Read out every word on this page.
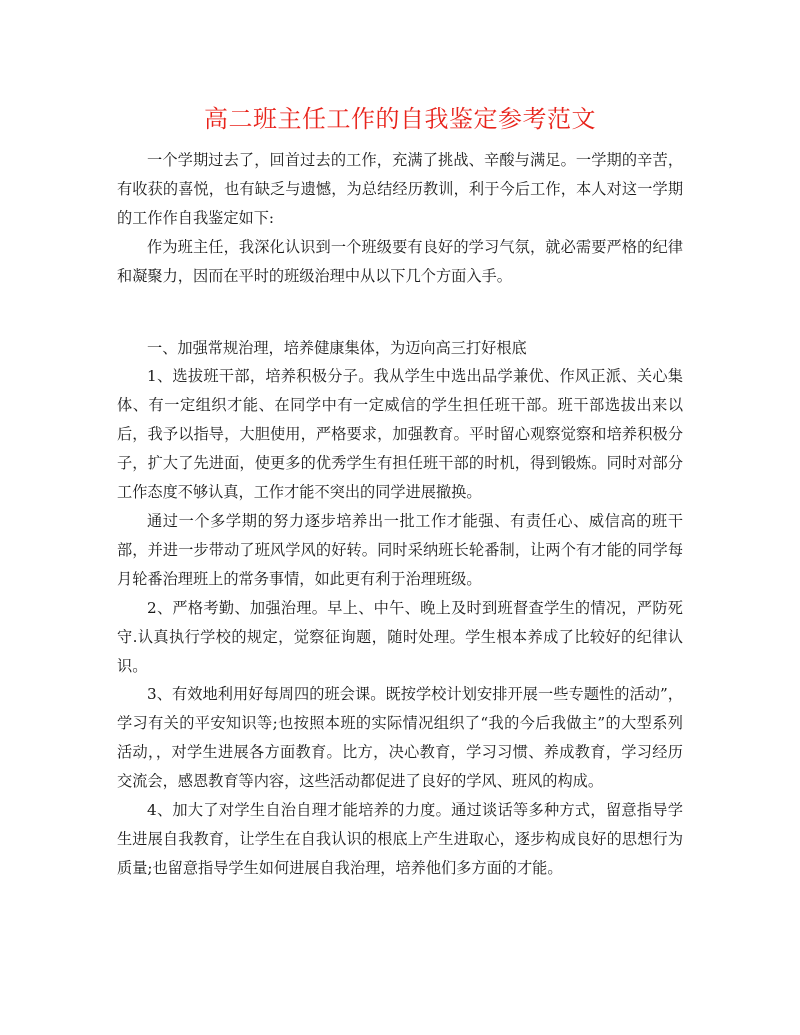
高二班主任工作的自我鉴定参考范文

一个学期过去了，回首过去的工作，充满了挑战、辛酸与满足。一学期的辛苦，有收获的喜悦，也有缺乏与遗憾，为总结经历教训，利于今后工作，本人对这一学期的工作作自我鉴定如下:

作为班主任，我深化认识到一个班级要有良好的学习气氛，就必需要严格的纪律和凝聚力，因而在平时的班级治理中从以下几个方面入手。

一、加强常规治理，培养健康集体，为迈向高三打好根底

1、选拔班干部，培养积极分子。我从学生中选出品学兼优、作风正派、关心集体、有一定组织才能、在同学中有一定威信的学生担任班干部。班干部选拔出来以后，我予以指导，大胆使用，严格要求，加强教育。平时留心观察觉察和培养积极分子，扩大了先进面，使更多的优秀学生有担任班干部的时机，得到锻炼。同时对部分工作态度不够认真，工作才能不突出的同学进展撤换。

通过一个多学期的努力逐步培养出一批工作才能强、有责任心、威信高的班干部，并进一步带动了班风学风的好转。同时采纳班长轮番制，让两个有才能的同学每月轮番治理班上的常务事情，如此更有利于治理班级。

2、严格考勤、加强治理。早上、中午、晚上及时到班督查学生的情况，严防死守.认真执行学校的规定，觉察征询题，随时处理。学生根本养成了比较好的纪律认识。

3、有效地利用好每周四的班会课。既按学校计划安排开展一些专题性的活动”，学习有关的平安知识等;也按照本班的实际情况组织了“我的今后我做主”的大型系列活动，，对学生进展各方面教育。比方，决心教育，学习习惯、养成教育，学习经历交流会，感恩教育等内容，这些活动都促进了良好的学风、班风的构成。

4、加大了对学生自治自理才能培养的力度。通过谈话等多种方式，留意指导学生进展自我教育，让学生在自我认识的根底上产生进取心，逐步构成良好的思想行为质量;也留意指导学生如何进展自我治理，培养他们多方面的才能。
